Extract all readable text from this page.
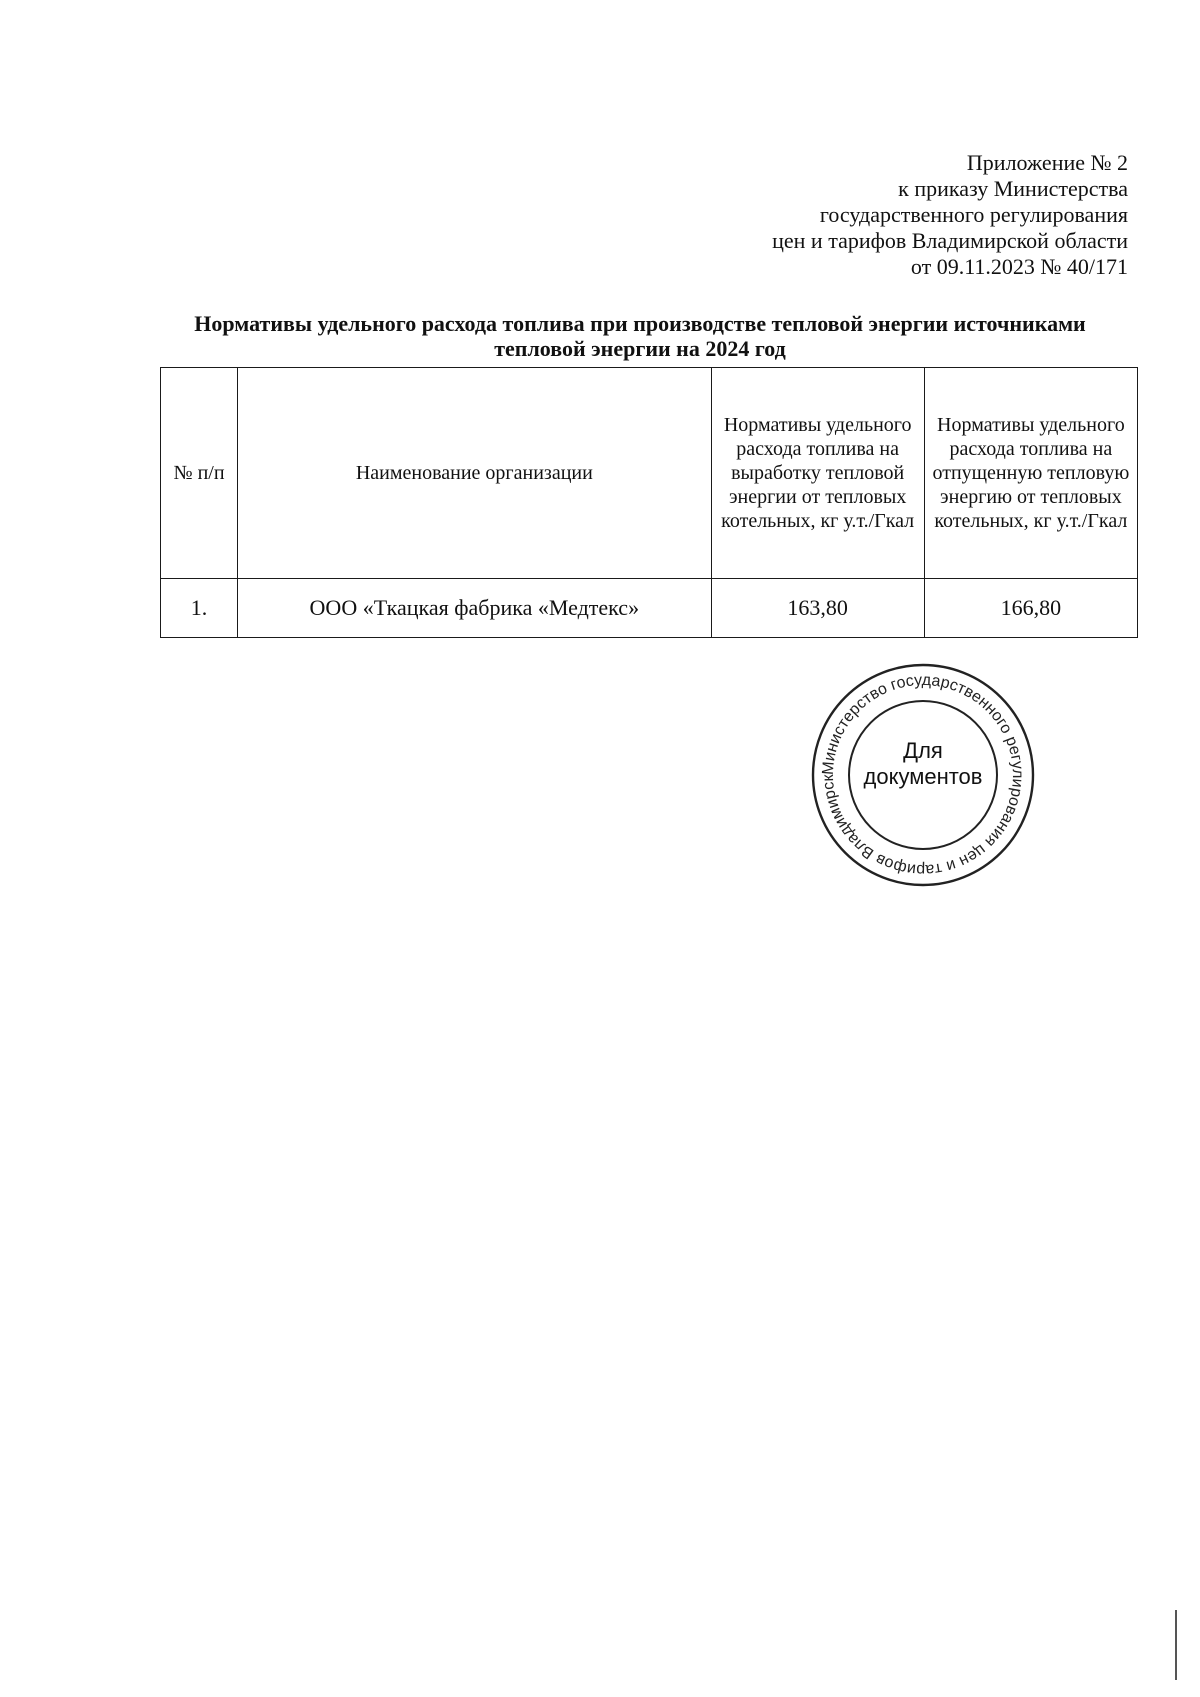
Приложение № 2
к приказу Министерства
государственного регулирования
цен и тарифов Владимирской области
от 09.11.2023 № 40/171
Нормативы удельного расхода топлива при производстве тепловой энергии источниками
тепловой энергии на 2024 год
№ п/п	Наименование организации	Нормативы удельного расхода топлива на выработку тепловой энергии от тепловых котельных, кг у.т./Гкал	Нормативы удельного расхода топлива на отпущенную тепловую энергию от тепловых котельных, кг у.т./Гкал
1.	ООО «Ткацкая фабрика «Медтекс»	163,80	166,80
Министерство государственного регулирования цен и тарифов Владимирск
Для
документов
